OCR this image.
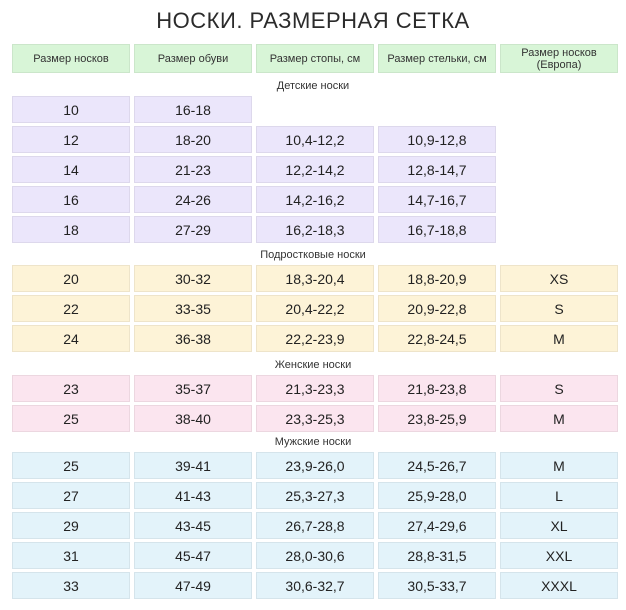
НОСКИ. РАЗМЕРНАЯ СЕТКА
Размер носков	Размер обуви	Размер стопы, см	Размер стельки, см	Размер носков
(Европа)
Детские носки
10	16-18
12	18-20	10,4-12,2	10,9-12,8
14	21-23	12,2-14,2	12,8-14,7
16	24-26	14,2-16,2	14,7-16,7
18	27-29	16,2-18,3	16,7-18,8
Подростковые носки
20	30-32	18,3-20,4	18,8-20,9	XS
22	33-35	20,4-22,2	20,9-22,8	S
24	36-38	22,2-23,9	22,8-24,5	M
Женские носки
23	35-37	21,3-23,3	21,8-23,8	S
25	38-40	23,3-25,3	23,8-25,9	M
Мужские носки
25	39-41	23,9-26,0	24,5-26,7	M
27	41-43	25,3-27,3	25,9-28,0	L
29	43-45	26,7-28,8	27,4-29,6	XL
31	45-47	28,0-30,6	28,8-31,5	XXL
33	47-49	30,6-32,7	30,5-33,7	XXXL
